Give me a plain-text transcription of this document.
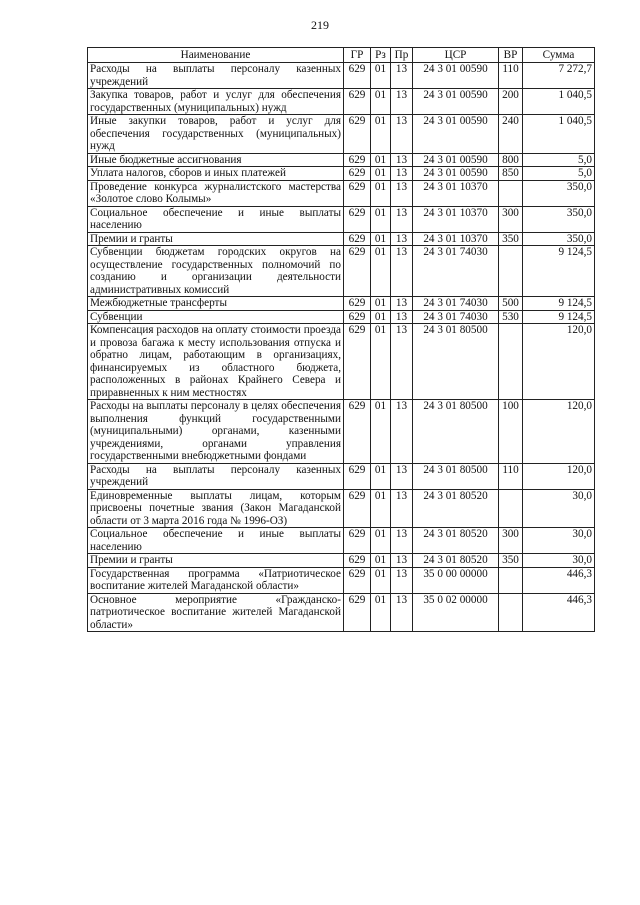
219
Наименование	ГР	Рз	Пр	ЦСР	ВР	Сумма
Расходы на выплаты персоналу казенных учреждений	629	01	13	24 3 01 00590	110	7 272,7
Закупка товаров, работ и услуг для обеспечения государственных (муниципальных) нужд	629	01	13	24 3 01 00590	200	1 040,5
Иные закупки товаров, работ и услуг для обеспечения государственных (муниципальных) нужд	629	01	13	24 3 01 00590	240	1 040,5
Иные бюджетные ассигнования	629	01	13	24 3 01 00590	800	5,0
Уплата налогов, сборов и иных платежей	629	01	13	24 3 01 00590	850	5,0
Проведение конкурса журналистского мастерства «Золотое слово Колымы»	629	01	13	24 3 01 10370		350,0
Социальное обеспечение и иные выплаты населению	629	01	13	24 3 01 10370	300	350,0
Премии и гранты	629	01	13	24 3 01 10370	350	350,0
Субвенции бюджетам городских округов на осуществление государственных полномочий по созданию и организации деятельности административных комиссий	629	01	13	24 3 01 74030		9 124,5
Межбюджетные трансферты	629	01	13	24 3 01 74030	500	9 124,5
Субвенции	629	01	13	24 3 01 74030	530	9 124,5
Компенсация расходов на оплату стоимости проезда и провоза багажа к месту использования отпуска и обратно лицам, работающим в организациях, финансируемых из областного бюджета, расположенных в районах Крайнего Севера и приравненных к ним местностях	629	01	13	24 3 01 80500		120,0
Расходы на выплаты персоналу в целях обеспечения выполнения функций государственными (муниципальными) органами, казенными учреждениями, органами управления государственными внебюджетными фондами	629	01	13	24 3 01 80500	100	120,0
Расходы на выплаты персоналу казенных учреждений	629	01	13	24 3 01 80500	110	120,0
Единовременные выплаты лицам, которым присвоены почетные звания (Закон Магаданской области от 3 марта 2016 года № 1996-ОЗ)	629	01	13	24 3 01 80520		30,0
Социальное обеспечение и иные выплаты населению	629	01	13	24 3 01 80520	300	30,0
Премии и гранты	629	01	13	24 3 01 80520	350	30,0
Государственная программа «Патриотическое воспитание жителей Магаданской области»	629	01	13	35 0 00 00000		446,3
Основное мероприятие «Гражданско-патриотическое воспитание жителей Магаданской области»	629	01	13	35 0 02 00000		446,3
